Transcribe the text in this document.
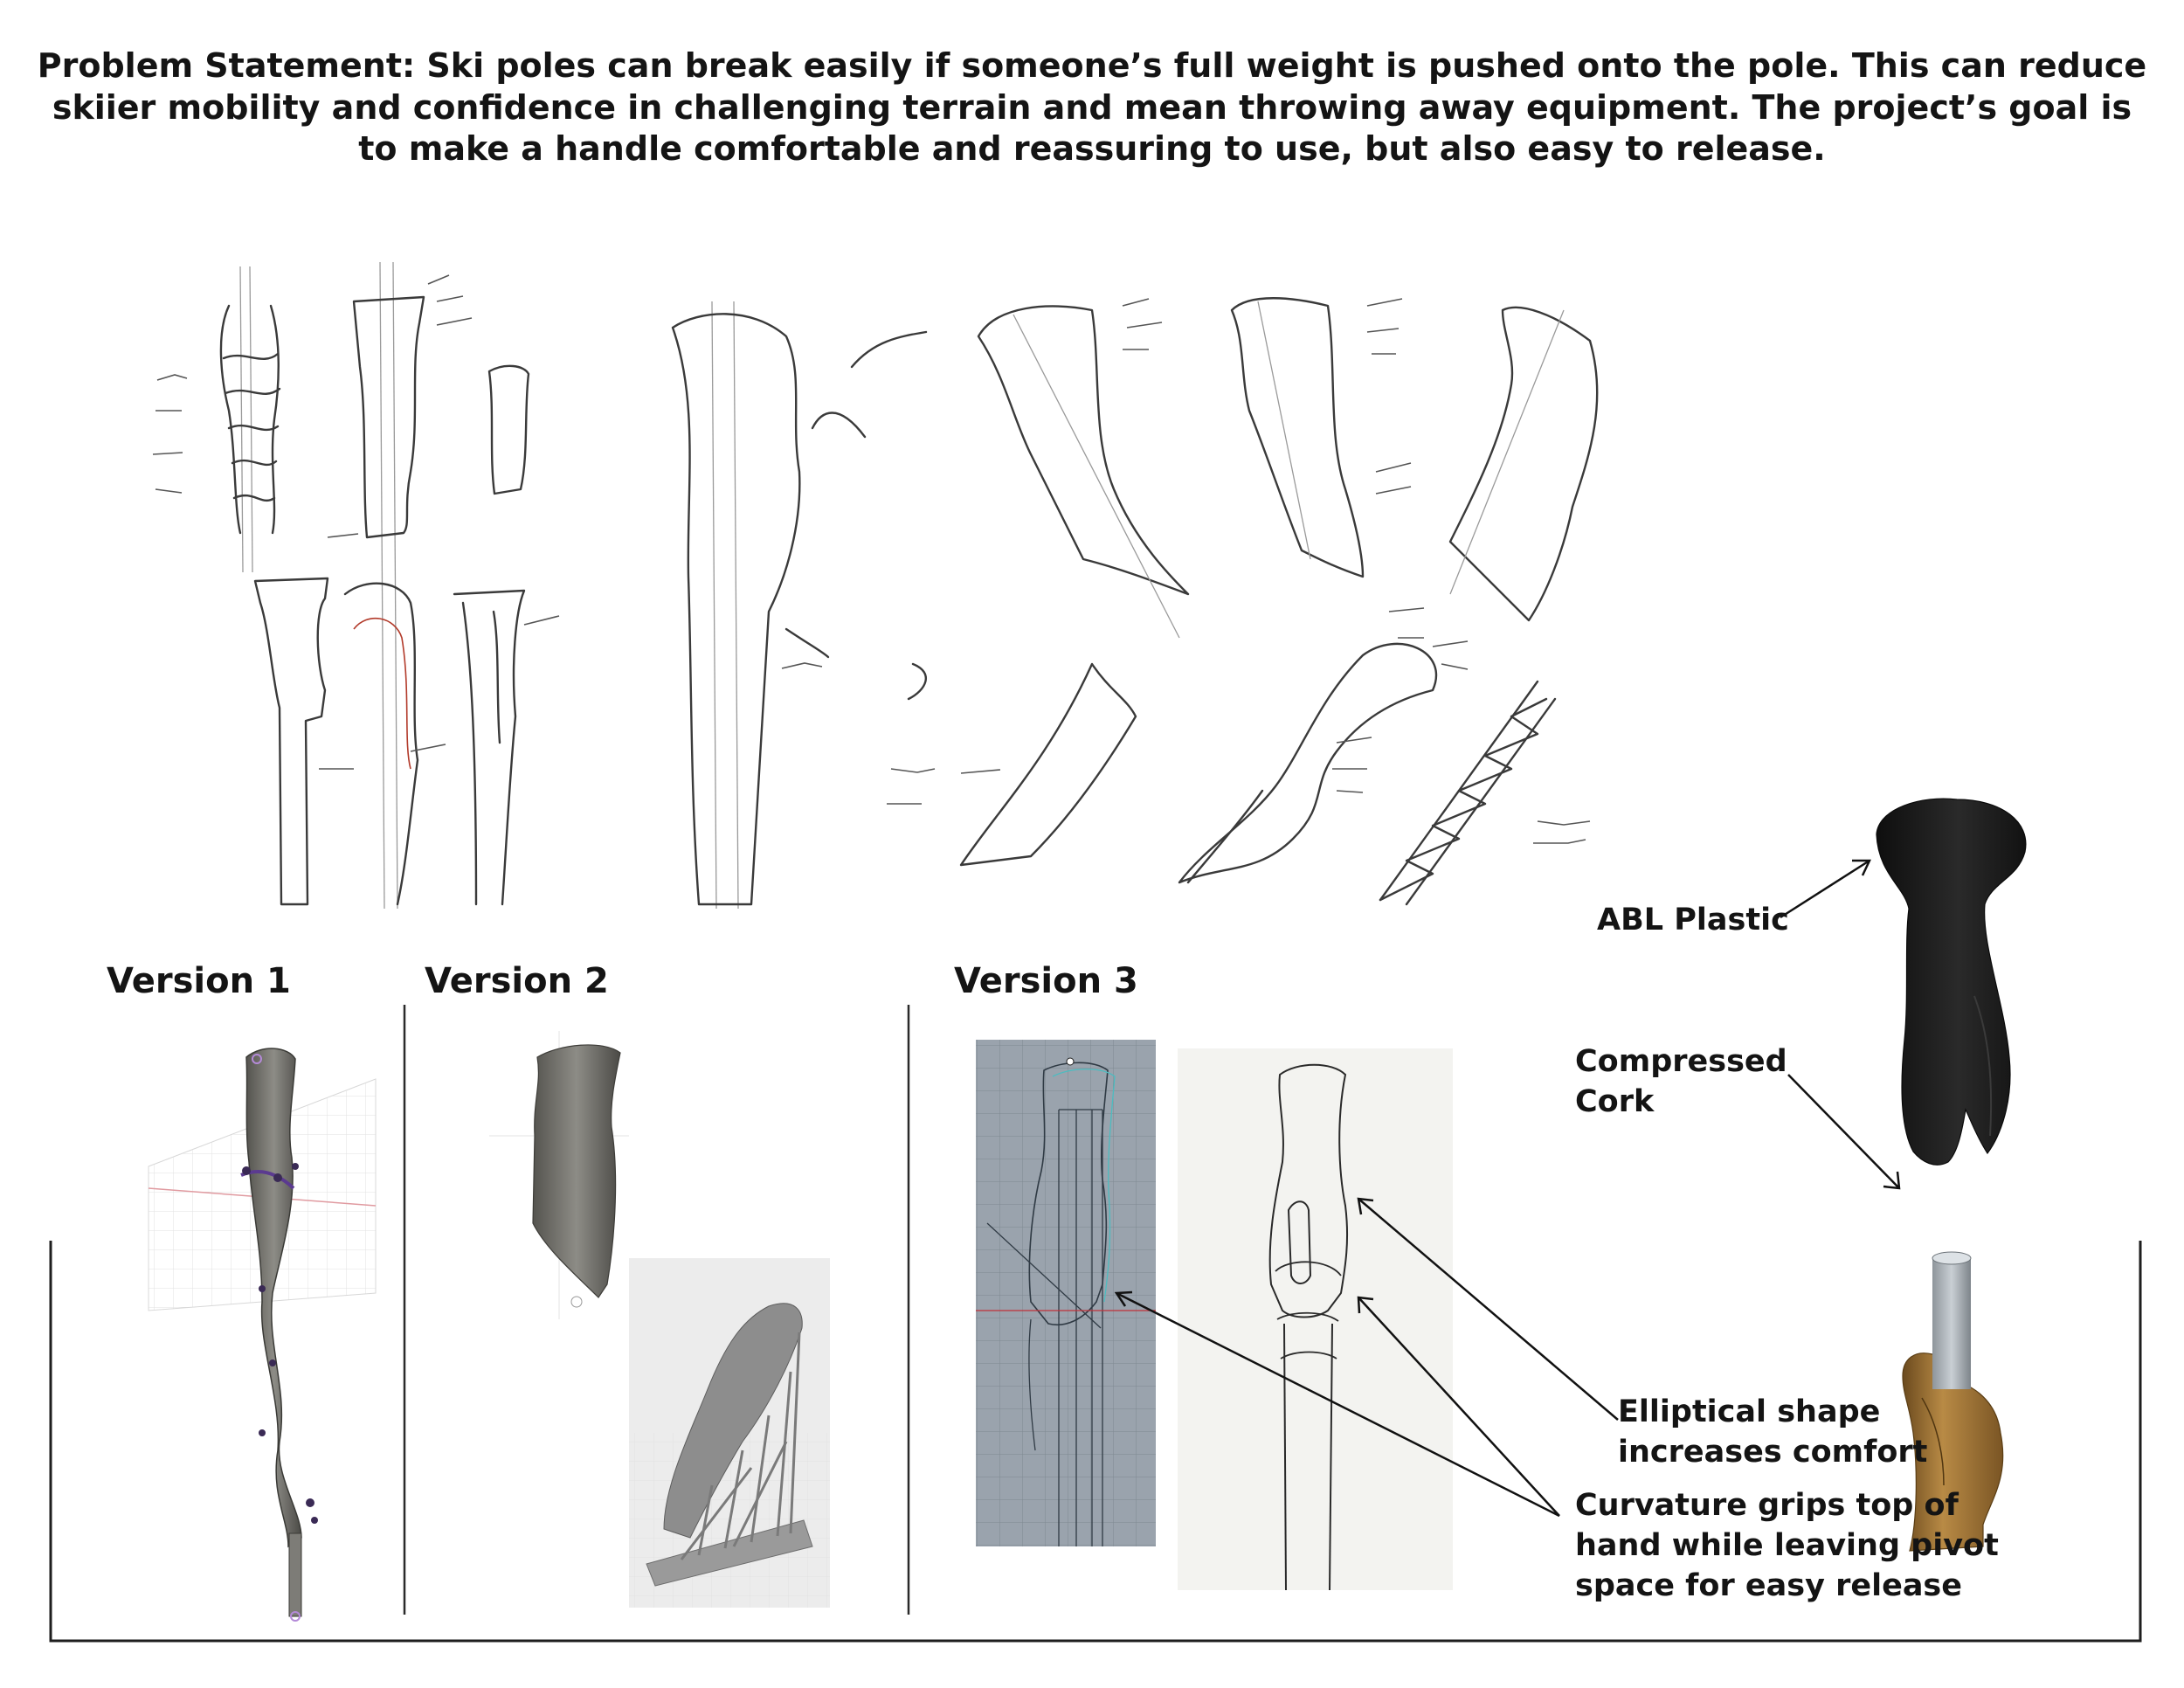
Problem Statement: Ski poles can break easily if someone’s full weight is pushed onto the pole. This can reduce skiier mobility and confidence in challenging terrain and mean throwing away equipment. The project’s goal is to make a handle comfortable and reassuring to use, but also easy to release.
Version 1	Version 2	Version 3
ABL Plastic
Compressed
Cork
Elliptical shape
increases comfort
Curvature grips top of
hand while leaving pivot
space for easy release
